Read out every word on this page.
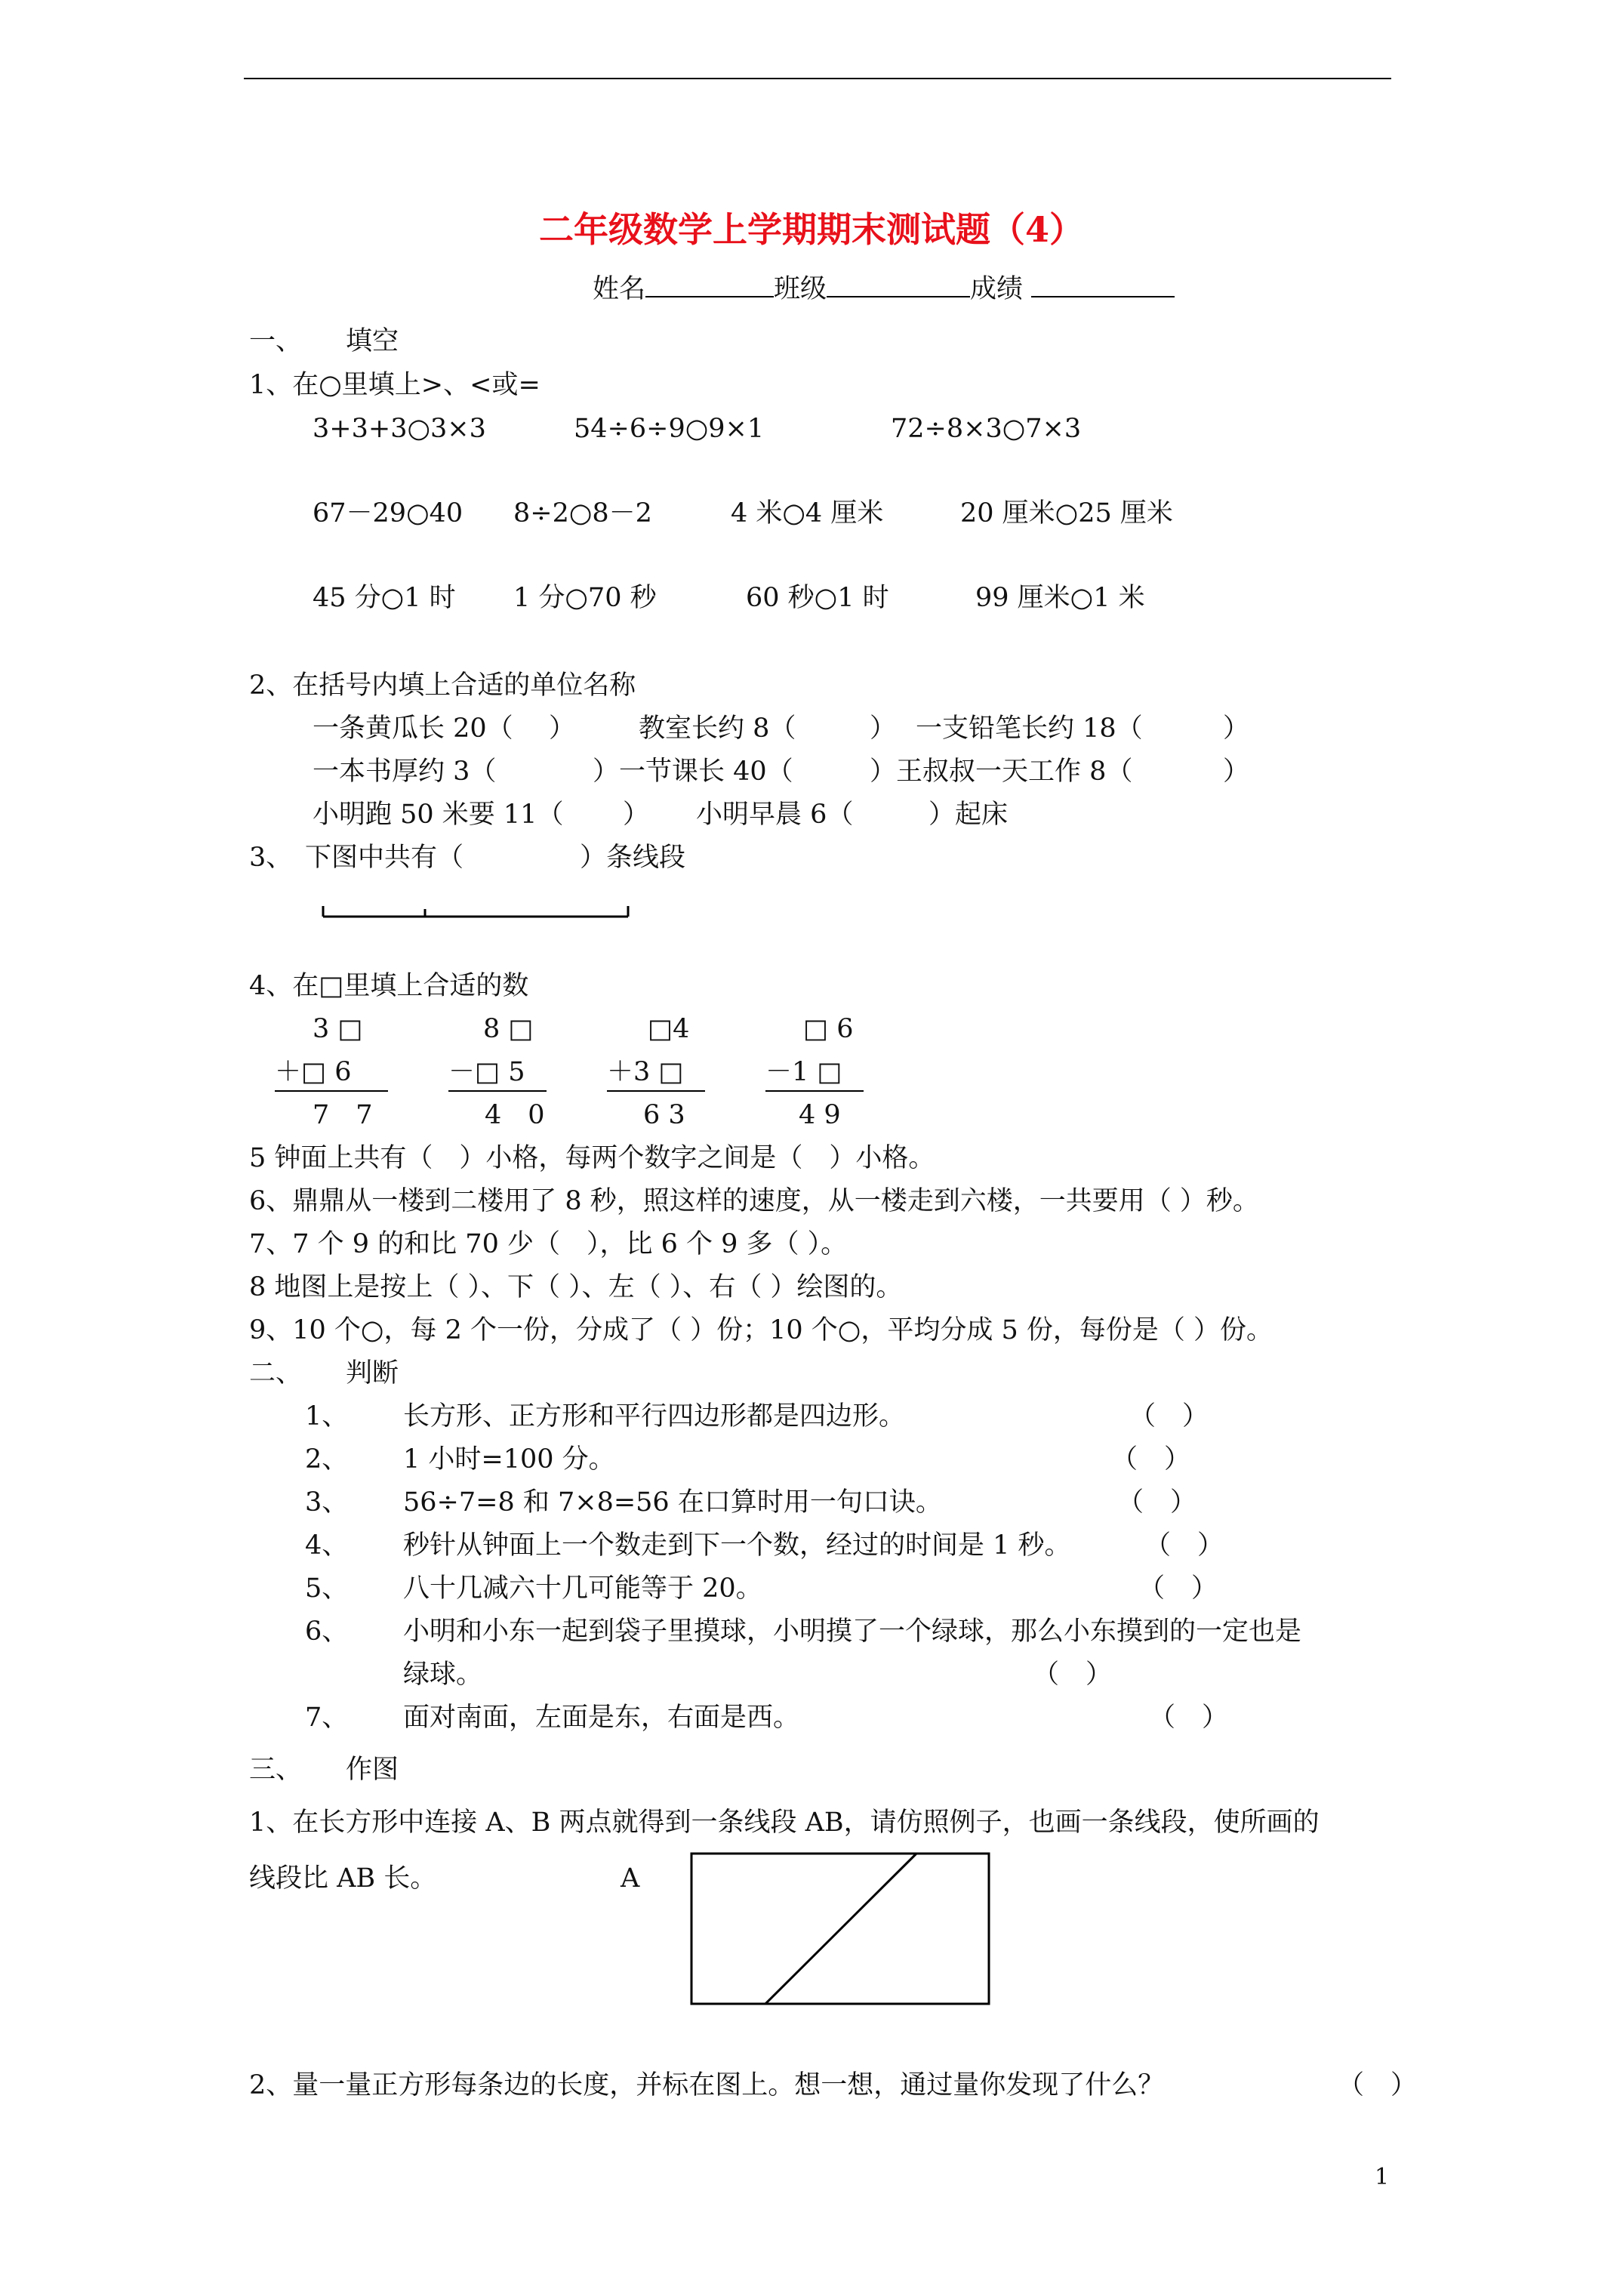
二年级数学上学期期末测试题（4）
姓名	班级	成绩
一、 填空
1、在○里填上>、<或=
3+3+3○3×3	54÷6÷9○9×1	72÷8×3○7×3
67－29○40 8÷2○8－2	4 米○4 厘米	20 厘米○25 厘米
45 分○1 时 1 分○70 秒	60 秒○1 时	99 厘米○1 米
2、在括号内填上合适的单位名称
一条黄瓜长 20（ ） 教室长约 8（	） 一支铅笔长约 18（	）
一本书厚约 3（	）一节课长 40（	）王叔叔一天工作 8（	）
小明跑 50 米要 11（ ） 小明早晨 6（	）起床
3、 下图中共有（	）条线段
4、在□里填上合适的数
3 □	8 □	□4	□ 6
＋□ 6	－□ 5	＋3 □	－1 □
7　7	4　0	6 3	4 9
5 钟面上共有（　）小格，每两个数字之间是（　）小格。
6、鼎鼎从一楼到二楼用了 8 秒，照这样的速度，从一楼走到六楼，一共要用（ ）秒。
7、7 个 9 的和比 70 少（　），比 6 个 9 多（ ）。
8 地图上是按上（ ）、下（ ）、左（ ）、右（ ）绘图的。
9、10 个○，每 2 个一份，分成了（ ）份；10 个○，平均分成 5 份，每份是（ ）份。
二、 判断
1、 长方形、正方形和平行四边形都是四边形。	（　）
2、 1 小时=100 分。	（　）
3、 56÷7=8 和 7×8=56 在口算时用一句口诀。	（　）
4、 秒针从钟面上一个数走到下一个数，经过的时间是 1 秒。	（　）
5、 八十几减六十几可能等于 20。	（　）
6、 小明和小东一起到袋子里摸球，小明摸了一个绿球，那么小东摸到的一定也是
绿球。	（　）
7、 面对南面，左面是东，右面是西。	（　）
三、 作图
1、在长方形中连接 A、B 两点就得到一条线段 AB，请仿照例子，也画一条线段，使所画的
线段比 AB 长。	A
2、量一量正方形每条边的长度，并标在图上。想一想，通过量你发现了什么？	（　）
1
